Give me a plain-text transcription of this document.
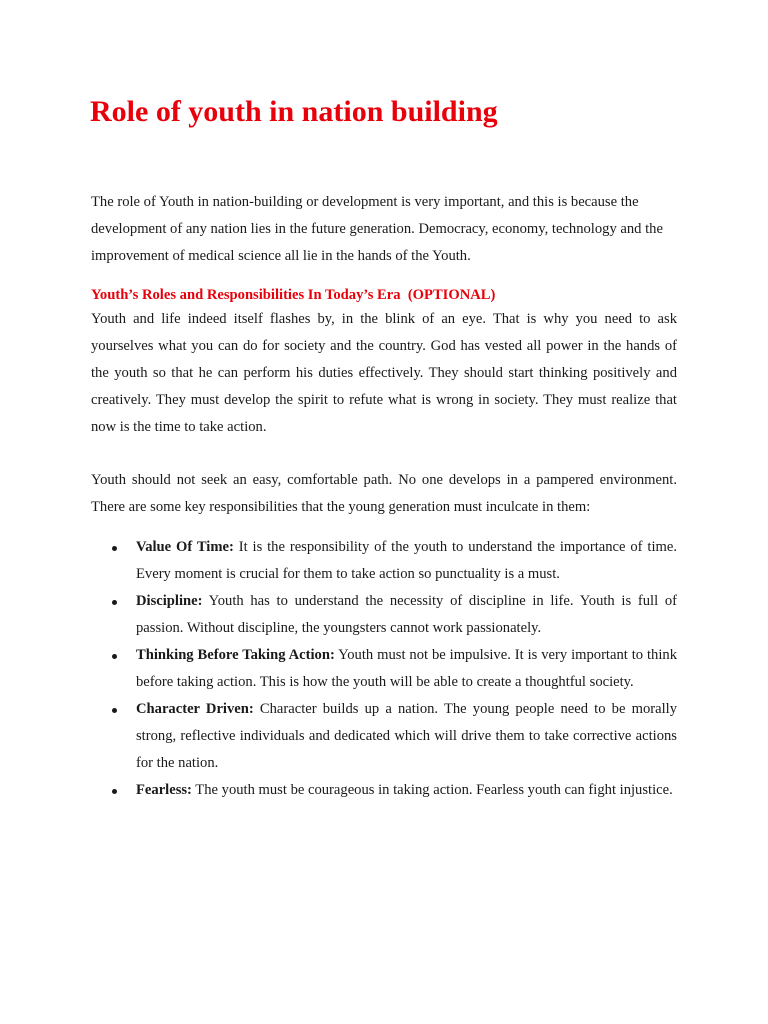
Role of youth in nation building

The role of Youth in nation-building or development is very important, and this is because the development of any nation lies in the future generation. Democracy, economy, technology and the improvement of medical science all lie in the hands of the Youth.

Youth’s Roles and Responsibilities In Today’s Era  (OPTIONAL)

Youth and life indeed itself flashes by, in the blink of an eye. That is why you need to ask yourselves what you can do for society and the country. God has vested all power in the hands of the youth so that he can perform his duties effectively. They should start thinking positively and creatively. They must develop the spirit to refute what is wrong in society. They must realize that now is the time to take action.

Youth should not seek an easy, comfortable path. No one develops in a pampered environment. There are some key responsibilities that the young generation must inculcate in them:

Value Of Time: It is the responsibility of the youth to understand the importance of time. Every moment is crucial for them to take action so punctuality is a must.
Discipline: Youth has to understand the necessity of discipline in life. Youth is full of passion. Without discipline, the youngsters cannot work passionately.
Thinking Before Taking Action: Youth must not be impulsive. It is very important to think before taking action. This is how the youth will be able to create a thoughtful society.
Character Driven: Character builds up a nation. The young people need to be morally strong, reflective individuals and dedicated which will drive them to take corrective actions for the nation.
Fearless: The youth must be courageous in taking action. Fearless youth can fight injustice.
